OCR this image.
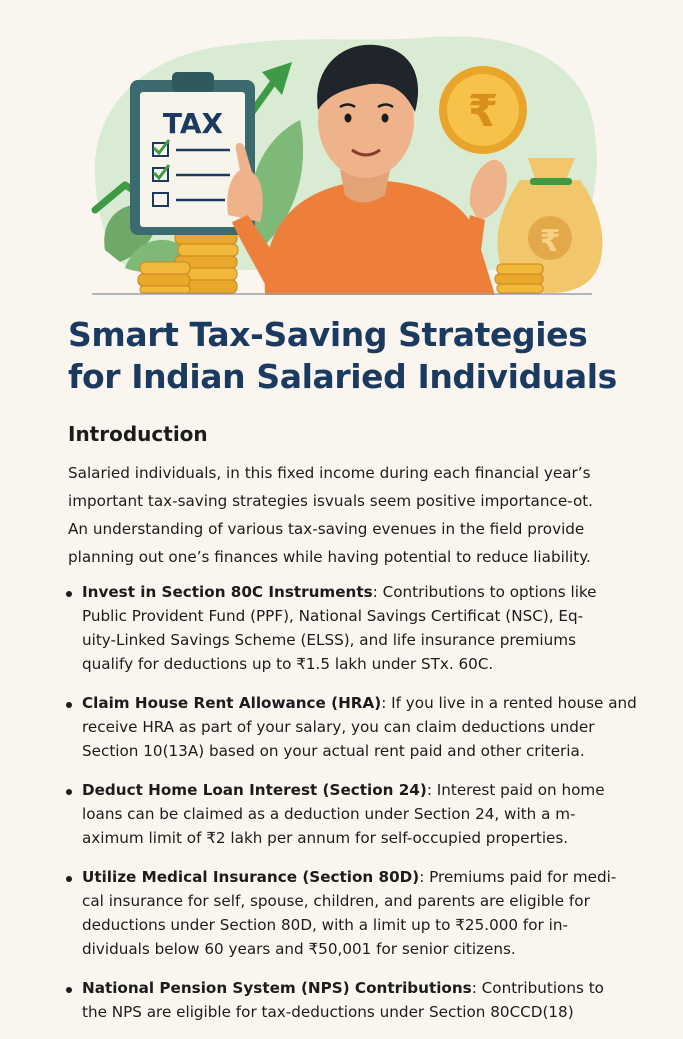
TAX	₹
₹
Smart Tax-Saving Strategies
for Indian Salaried Individuals
Introduction

Salaried individuals, in this fixed income during each financial year’s
important tax-saving strategies isvuals seem positive importance-ot.
An understanding of various tax-saving evenues in the field provide
planning out one’s finances while having potential to reduce liability.

Invest in Section 80C Instruments: Contributions to options like
Public Provident Fund (PPF), National Savings Certificat (NSC), Eq-
uity-Linked Savings Scheme (ELSS), and life insurance premiums
qualify for deductions up to ₹1.5 lakh under STx. 60C.
Claim House Rent Allowance (HRA): If you live in a rented house and
receive HRA as part of your salary, you can claim deductions under
Section 10(13A) based on your actual rent paid and other criteria.
Deduct Home Loan Interest (Section 24): Interest paid on home
loans can be claimed as a deduction under Section 24, with a m-
aximum limit of ₹2 lakh per annum for self-occupied properties.
Utilize Medical Insurance (Section 80D): Premiums paid for medi-
cal insurance for self, spouse, children, and parents are eligible for
deductions under Section 80D, with a limit up to ₹25.000 for in-
dividuals below 60 years and ₹50,001 for senior citizens.
National Pension System (NPS) Contributions: Contributions to
the NPS are eligible for tax-deductions under Section 80CCD(18)
